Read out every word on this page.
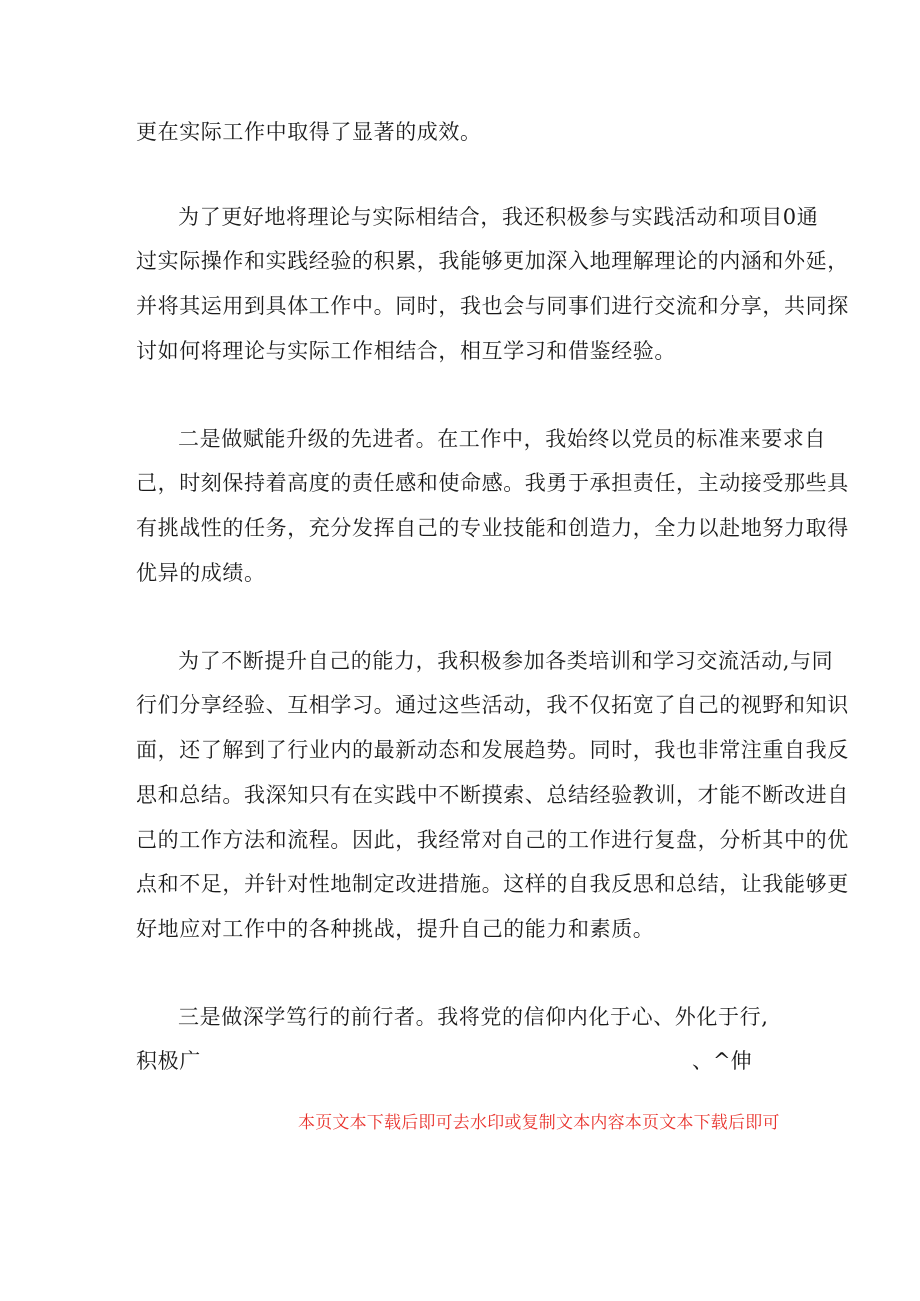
更在实际工作中取得了显著的成效。
为了更好地将理论与实际相结合，我还积极参与实践活动和项目0通
过实际操作和实践经验的积累，我能够更加深入地理解理论的内涵和外延，
并将其运用到具体工作中。同时，我也会与同事们进行交流和分享，共同探
讨如何将理论与实际工作相结合，相互学习和借鉴经验。
二是做赋能升级的先进者。在工作中，我始终以党员的标准来要求自
己，时刻保持着高度的责任感和使命感。我勇于承担责任，主动接受那些具
有挑战性的任务，充分发挥自己的专业技能和创造力，全力以赴地努力取得
优异的成绩。
为了不断提升自己的能力，我积极参加各类培训和学习交流活动,与同
行们分享经验、互相学习。通过这些活动，我不仅拓宽了自己的视野和知识
面，还了解到了行业内的最新动态和发展趋势。同时，我也非常注重自我反
思和总结。我深知只有在实践中不断摸索、总结经验教训，才能不断改进自
己的工作方法和流程。因此，我经常对自己的工作进行复盘，分析其中的优
点和不足，并针对性地制定改进措施。这样的自我反思和总结，让我能够更
好地应对工作中的各种挑战，提升自己的能力和素质。
三是做深学笃行的前行者。我将党的信仰内化于心、外化于行,
积极广	、^伸
本页文本下载后即可去水印或复制文本内容本页文本下载后即可
